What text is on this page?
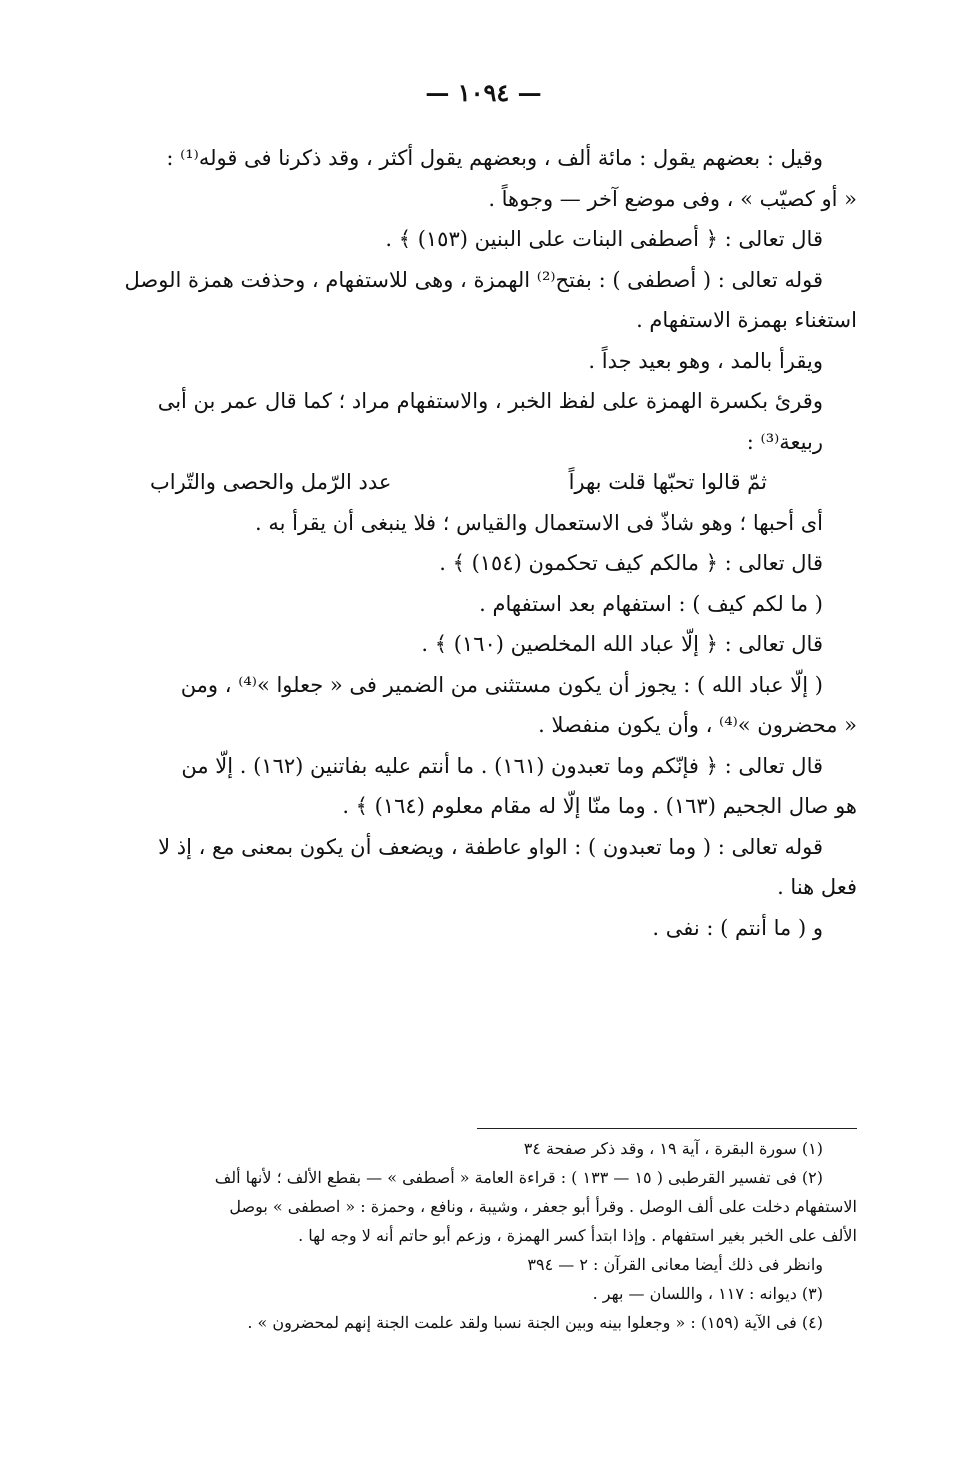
— ١٠٩٤ —

وقيل : بعضهم يقول : مائة ألف ، وبعضهم يقول أكثر ، وقد ذكرنا فى قوله⁽¹⁾ :

« أو كصيّب » ، وفى موضع آخر — وجوهاً .

قال تعالى : ﴿ أصطفى البنات على البنين (١٥٣) ﴾ .

قوله تعالى : ( أصطفى ) : بفتح⁽²⁾ الهمزة ، وهى للاستفهام ، وحذفت همزة الوصل

استغناء بهمزة الاستفهام .

ويقرأ بالمد ، وهو بعيد جداً .

وقرئ بكسرة الهمزة على لفظ الخبر ، والاستفهام مراد ؛ كما قال عمر بن أبى ربيعة⁽³⁾ :

ثمّ قالوا تحبّها قلت بهراً
عدد الرّمل والحصى والتّراب

أى أحبها ؛ وهو شاذّ فى الاستعمال والقياس ؛ فلا ينبغى أن يقرأ به .

قال تعالى : ﴿ مالكم كيف تحكمون (١٥٤) ﴾ .

( ما لكم كيف ) : استفهام بعد استفهام .

قال تعالى : ﴿ إلّا عباد الله المخلصين (١٦٠) ﴾ .

( إلّا عباد الله ) : يجوز أن يكون مستثنى من الضمير فى « جعلوا »⁽⁴⁾ ، ومن

« محضرون »⁽⁴⁾ ، وأن يكون منفصلا .

قال تعالى : ﴿ فإنّكم وما تعبدون (١٦١) . ما أنتم عليه بفاتنين (١٦٢) . إلّا من

هو صال الجحيم (١٦٣) . وما منّا إلّا له مقام معلوم (١٦٤) ﴾ .

قوله تعالى : ( وما تعبدون ) : الواو عاطفة ، ويضعف أن يكون بمعنى مع ، إذ لا

فعل هنا .

و ( ما أنتم ) : نفى .

(١) سورة البقرة ، آية ١٩ ، وقد ذكر صفحة ٣٤

(٢) فى تفسير القرطبى ( ١٥ — ١٣٣ ) : قراءة العامة « أصطفى » — بقطع الألف ؛ لأنها ألف

الاستفهام دخلت على ألف الوصل . وقرأ أبو جعفر ، وشيبة ، ونافع ، وحمزة : « اصطفى » بوصل

الألف على الخبر بغير استفهام . وإذا ابتدأ كسر الهمزة ، وزعم أبو حاتم أنه لا وجه لها .

وانظر فى ذلك أيضا معانى القرآن : ٢ — ٣٩٤

(٣) ديوانه : ١١٧ ، واللسان — بهر .

(٤) فى الآية (١٥٩) : « وجعلوا بينه وبين الجنة نسبا ولقد علمت الجنة إنهم لمحضرون » .
